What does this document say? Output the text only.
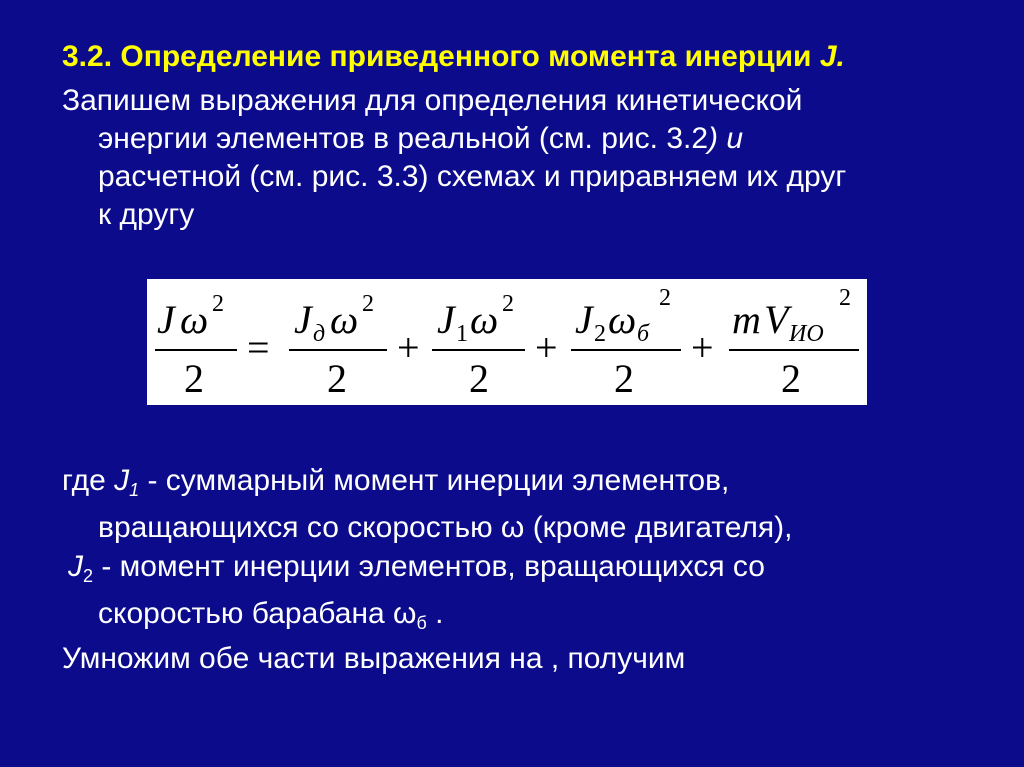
3.2. Определение приведенного момента инерции J.
Запишем выражения для определения кинетической
энергии элементов в реальной (см. рис. 3.2) и
расчетной (см. рис. 3.3) схемах и приравняем их друг
к другу
J ω 2
2
=
J д ω 2
2
+
J 1 ω 2
2
+
J 2 ω б
2
2
+
m V ИО
2
2
где $J_1$ - суммарный момент инерции элементов,
вращающихся со скоростью ω (кроме двигателя),
$J_2$ - момент инерции элементов, вращающихся со
скоростью барабана $\omega_б$ .
Умножим обе части выражения на , получим
